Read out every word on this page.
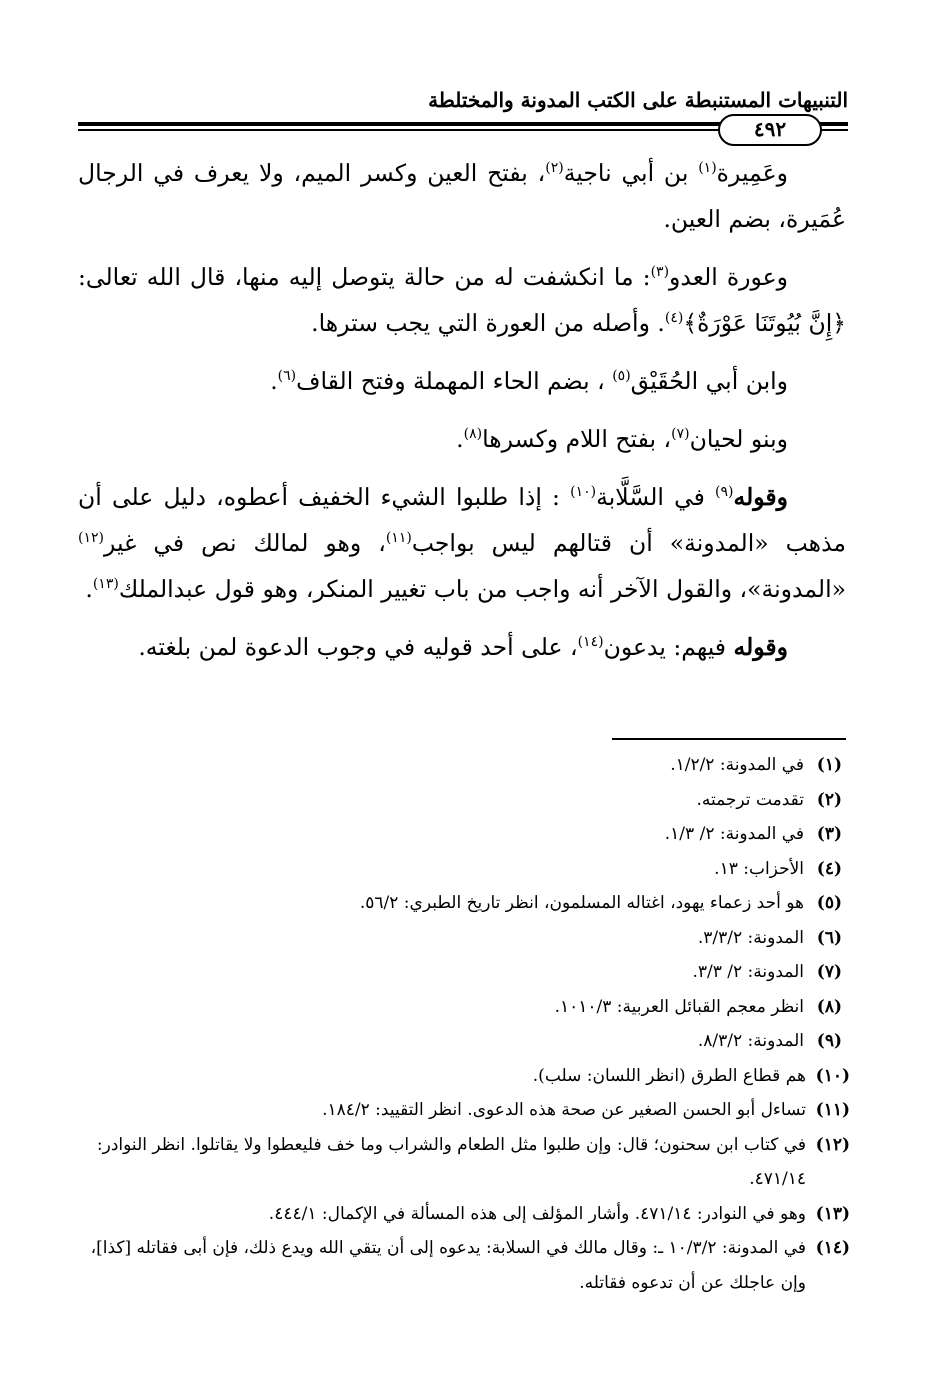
التنبيهات المستنبطة على الكتب المدونة والمختلطة
٤٩٢

وعَمِيرة$^{(١)}$ بن أبي ناجية$^{(٢)}$، بفتح العين وكسر الميم، ولا يعرف في الرجال عُمَيرة، بضم العين.

وعورة العدو$^{(٣)}$: ما انكشفت له من حالة يتوصل إليه منها، قال الله تعالى: ﴿إِنَّ بُيُوتَنَا عَوْرَةٌ﴾$^{(٤)}$. وأصله من العورة التي يجب سترها.

وابن أبي الحُقَيْق$^{(٥)}$ ، بضم الحاء المهملة وفتح القاف$^{(٦)}$.

وبنو لحيان$^{(٧)}$، بفتح اللام وكسرها$^{(٨)}$.

وقوله$^{(٩)}$ في السَّلَّابة$^{(١٠)}$ : إذا طلبوا الشيء الخفيف أعطوه، دليل على أن مذهب «المدونة» أن قتالهم ليس بواجب$^{(١١)}$، وهو لمالك نص في غير$^{(١٢)}$ «المدونة»، والقول الآخر أنه واجب من باب تغيير المنكر، وهو قول عبدالملك$^{(١٣)}$.

وقوله فيهم: يدعون$^{(١٤)}$، على أحد قوليه في وجوب الدعوة لمن بلغته.

(١)
في المدونة: ١/٢/٢.
(٢)
تقدمت ترجمته.
(٣)
في المدونة: ٢/ ١/٣.
(٤)
الأحزاب: ١٣.
(٥)
هو أحد زعماء يهود، اغتاله المسلمون، انظر تاريخ الطبري: ٥٦/٢.
(٦)
المدونة: ٣/٣/٢.
(٧)
المدونة: ٢/ ٣/٣.
(٨)
انظر معجم القبائل العربية: ١٠١٠/٣.
(٩)
المدونة: ٨/٣/٢.
(١٠)
هم قطاع الطرق (انظر اللسان: سلب).
(١١)
تساءل أبو الحسن الصغير عن صحة هذه الدعوى. انظر التقييد: ١٨٤/٢.
(١٢)
في كتاب ابن سحنون؛ قال: وإن طلبوا مثل الطعام والشراب وما خف فليعطوا ولا يقاتلوا. انظر النوادر: ٤٧١/١٤.
(١٣)
وهو في النوادر: ٤٧١/١٤. وأشار المؤلف إلى هذه المسألة في الإكمال: ٤٤٤/١.
(١٤)
في المدونة: ١٠/٣/٢ ـ: وقال مالك في السلابة: يدعوه إلى أن يتقي الله ويدع ذلك، فإن أبى فقاتله [كذا]، وإن عاجلك عن أن تدعوه فقاتله.
